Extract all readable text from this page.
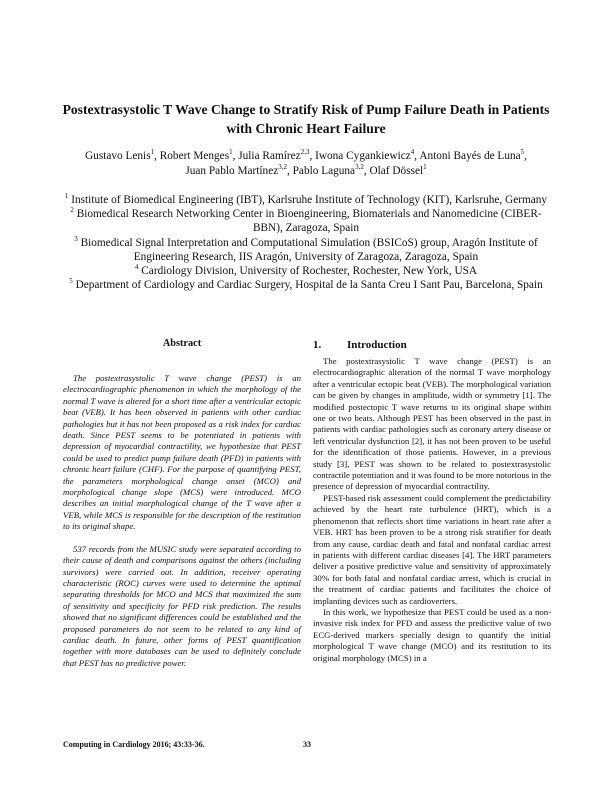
Postextrasystolic T Wave Change to Stratify Risk of Pump Failure Death in Patients with Chronic Heart Failure
Gustavo Lenis$^1$, Robert Menges$^1$, Julia Ramírez$^{2,3}$, Iwona Cygankiewicz$^4$, Antoni Bayés de Luna$^5$,
Juan Pablo Martínez$^{3,2}$, Pablo Laguna$^{3,2}$, Olaf Dössel$^1$
$^1$ Institute of Biomedical Engineering (IBT), Karlsruhe Institute of Technology (KIT), Karlsruhe, Germany
$^2$ Biomedical Research Networking Center in Bioengineering, Biomaterials and Nanomedicine (CIBER-BBN), Zaragoza, Spain
$^3$ Biomedical Signal Interpretation and Computational Simulation (BSICoS) group, Aragón Institute of Engineering Research, IIS Aragón, University of Zaragoza, Zaragoza, Spain
$^4$ Cardiology Division, University of Rochester, Rochester, New York, USA
$^5$ Department of Cardiology and Cardiac Surgery, Hospital de la Santa Creu I Sant Pau, Barcelona, Spain
Abstract

The postextrasystolic T wave change (PEST) is an electrocardiographic phenomenon in which the morphology of the normal T wave is altered for a short time after a ventricular ectopic beat (VEB). It has been observed in patients with other cardiac pathologies but it has not been proposed as a risk index for cardiac death. Since PEST seems to be potentiated in patients with depression of myocardial contractility, we hypothesize that PEST could be used to predict pump failure death (PFD) in patients with chronic heart failure (CHF). For the purpose of quantifying PEST, the parameters morphological change onset (MCO) and morphological change slope (MCS) were introduced. MCO describes an initial morphological change of the T wave after a VEB, while MCS is responsible for the description of the restitution to its original shape.

537 records from the MUSIC study were separated according to their cause of death and comparisons against the others (including survivors) were carried out. In addition, receiver operating characteristic (ROC) curves were used to determine the optimal separating thresholds for MCO and MCS that maximized the sum of sensitivity and specificity for PFD risk prediction. The results showed that no significant differences could be established and the proposed parameters do not seem to be related to any kind of cardiac death. In future, other forms of PEST quantification together with more databases can be used to definitely conclude that PEST has no predictive power.

1. Introduction

The postextrasystolic T wave change (PEST) is an electrocardiographic alteration of the normal T wave morphology after a ventricular ectopic beat (VEB). The morphological variation can be given by changes in amplitude, width or symmetry [1]. The modified postectopic T wave returns to its original shape within one or two beats. Although PEST has been observed in the past in patients with cardiac pathologies such as coronary artery disease or left ventricular dysfunction [2], it has not been proven to be useful for the identification of those patients. However, in a previous study [3], PEST was shown to be related to postextrasystolic contractile potentiation and it was found to be more notorious in the presence of depression of myocardial contractility.

PEST-based risk assessment could complement the predictability achieved by the heart rate turbulence (HRT), which is a phenomenon that reflects short time variations in heart rate after a VEB. HRT has been proven to be a strong risk stratifier for death from any cause, cardiac death and fatal and nonfatal cardiac arrest in patients with different cardiac diseases [4]. The HRT parameters deliver a positive predictive value and sensitivity of approximately 30% for both fatal and nonfatal cardiac arrest, which is crucial in the treatment of cardiac patients and facilitates the choice of implanting devices such as cardioverters.

In this work, we hypothesize that PEST could be used as a non-invasive risk index for PFD and assess the predictive value of two ECG-derived markers specially design to quantify the initial morphological T wave change (MCO) and its restitution to its original morphology (MCS) in a

Computing in Cardiology 2016; 43:33-36.	33
